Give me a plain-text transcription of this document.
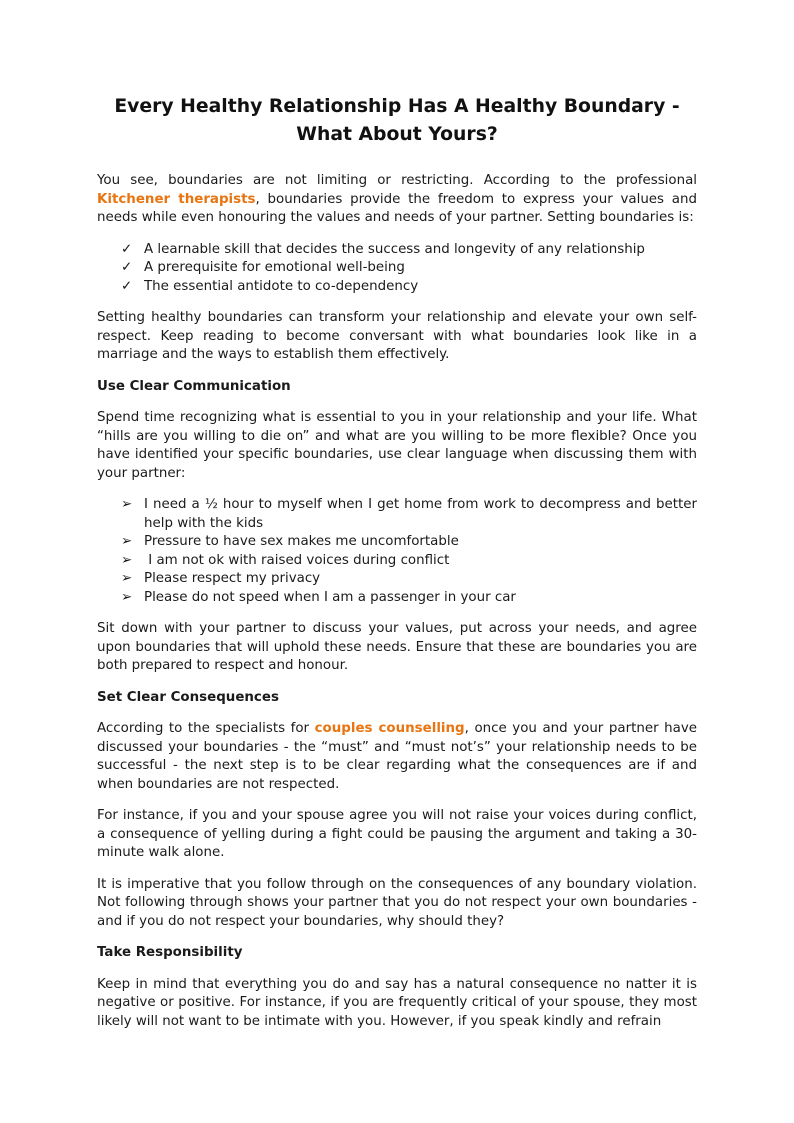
Every Healthy Relationship Has A Healthy Boundary - What About Yours?

You see, boundaries are not limiting or restricting. According to the professional Kitchener therapists, boundaries provide the freedom to express your values and needs while even honouring the values and needs of your partner. Setting boundaries is:

✓ A learnable skill that decides the success and longevity of any relationship
✓ A prerequisite for emotional well-being
✓ The essential antidote to co-dependency

Setting healthy boundaries can transform your relationship and elevate your own self-respect. Keep reading to become conversant with what boundaries look like in a marriage and the ways to establish them effectively.

Use Clear Communication

Spend time recognizing what is essential to you in your relationship and your life. What “hills are you willing to die on” and what are you willing to be more flexible? Once you have identified your specific boundaries, use clear language when discussing them with your partner:

➢ I need a ½ hour to myself when I get home from work to decompress and better help with the kids
➢ Pressure to have sex makes me uncomfortable
➢ I am not ok with raised voices during conflict
➢ Please respect my privacy
➢ Please do not speed when I am a passenger in your car

Sit down with your partner to discuss your values, put across your needs, and agree upon boundaries that will uphold these needs. Ensure that these are boundaries you are both prepared to respect and honour.

Set Clear Consequences

According to the specialists for couples counselling, once you and your partner have discussed your boundaries - the “must” and “must not’s” your relationship needs to be successful - the next step is to be clear regarding what the consequences are if and when boundaries are not respected.

For instance, if you and your spouse agree you will not raise your voices during conflict, a consequence of yelling during a fight could be pausing the argument and taking a 30-minute walk alone.

It is imperative that you follow through on the consequences of any boundary violation. Not following through shows your partner that you do not respect your own boundaries - and if you do not respect your boundaries, why should they?

Take Responsibility

Keep in mind that everything you do and say has a natural consequence no natter it is negative or positive. For instance, if you are frequently critical of your spouse, they most likely will not want to be intimate with you. However, if you speak kindly and refrain
